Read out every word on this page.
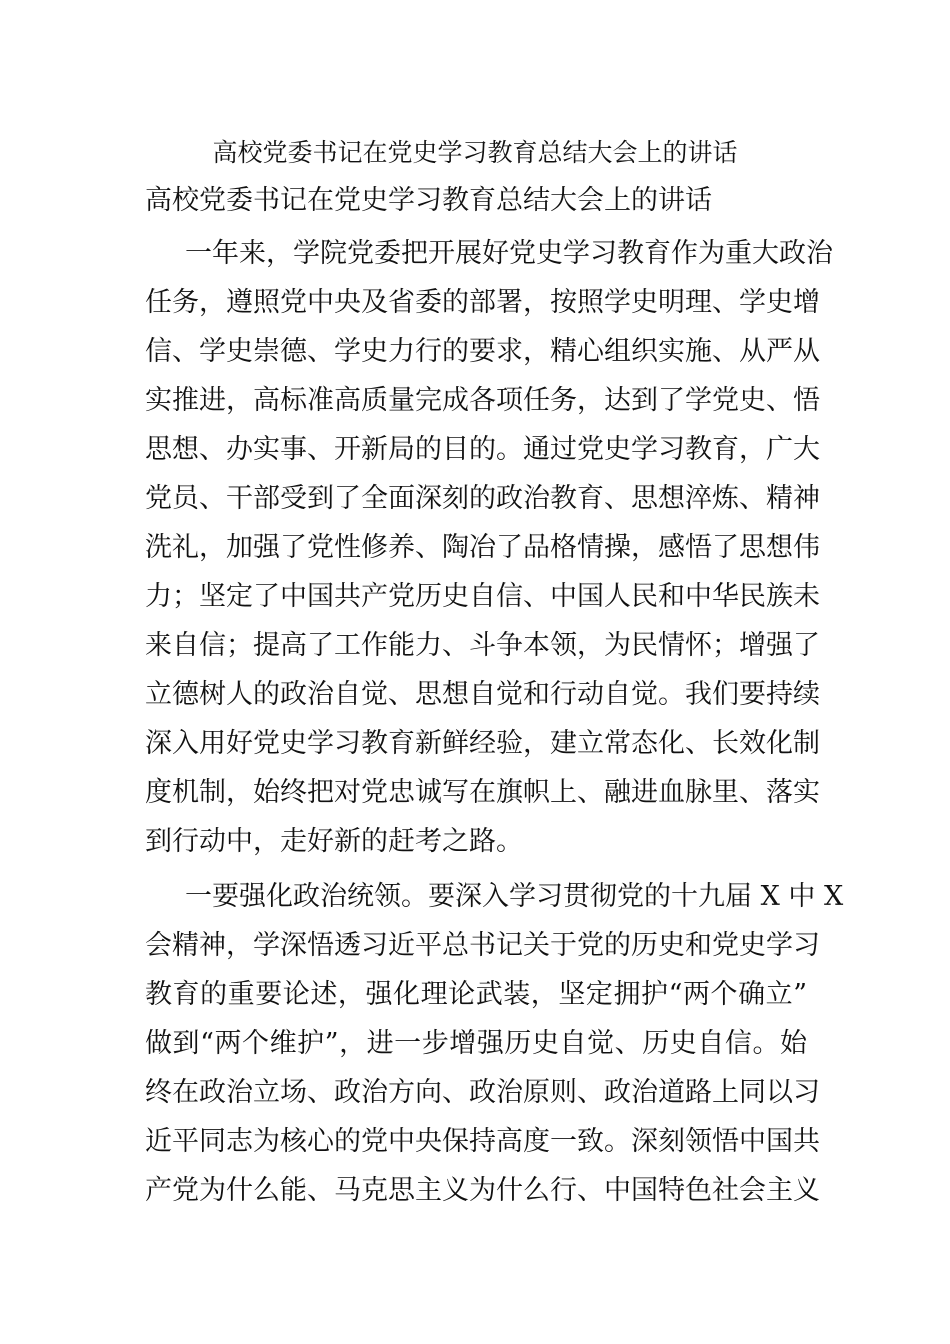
高校党委书记在党史学习教育总结大会上的讲话
高校党委书记在党史学习教育总结大会上的讲话
一年来，学院党委把开展好党史学习教育作为重大政治
任务，遵照党中央及省委的部署，按照学史明理、学史增
信、学史崇德、学史力行的要求，精心组织实施、从严从
实推进，高标准高质量完成各项任务，达到了学党史、悟
思想、办实事、开新局的目的。通过党史学习教育，广大
党员、干部受到了全面深刻的政治教育、思想淬炼、精神
洗礼，加强了党性修养、陶冶了品格情操，感悟了思想伟
力；坚定了中国共产党历史自信、中国人民和中华民族未
来自信；提高了工作能力、斗争本领，为民情怀；增强了
立德树人的政治自觉、思想自觉和行动自觉。我们要持续
深入用好党史学习教育新鲜经验，建立常态化、长效化制
度机制，始终把对党忠诚写在旗帜上、融进血脉里、落实
到行动中，走好新的赶考之路。
一要强化政治统领。要深入学习贯彻党的十九届 X 中 X
会精神，学深悟透习近平总书记关于党的历史和党史学习
教育的重要论述，强化理论武装，坚定拥护“两个确立”
做到“两个维护”，进一步增强历史自觉、历史自信。始
终在政治立场、政治方向、政治原则、政治道路上同以习
近平同志为核心的党中央保持高度一致。深刻领悟中国共
产党为什么能、马克思主义为什么行、中国特色社会主义
